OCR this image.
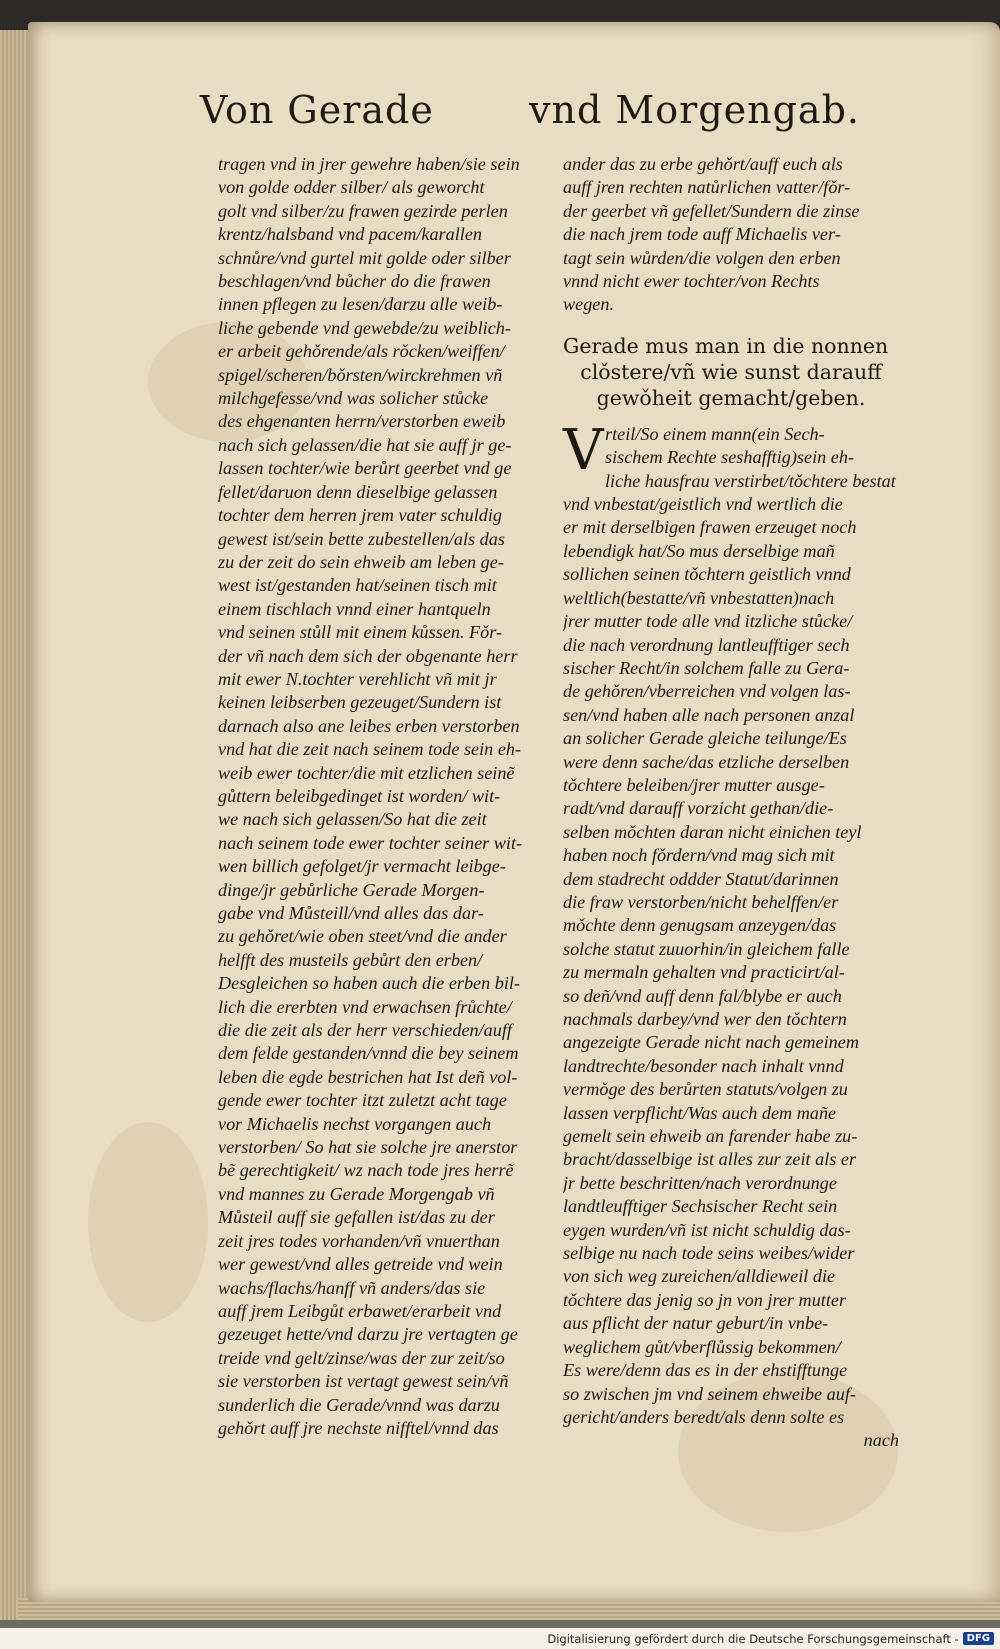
Von Gerade	vnd Morgengab.
tragen vnd in jrer gewehre haben/sie sein
von golde odder silber/ als geworcht
golt vnd silber/zu frawen gezirde perlen
krentz/halsband vnd pacem/karallen
schnůre/vnd gurtel mit golde oder silber
beschlagen/vnd bůcher do die frawen
innen pflegen zu lesen/darzu alle weib-
liche gebende vnd gewebde/zu weiblich-
er arbeit gehǒrende/als rǒcken/weiffen/
spigel/scheren/bǒrsten/wirckrehmen vñ
milchgefesse/vnd was solicher stůcke
des ehgenanten herrn/verstorben eweib
nach sich gelassen/die hat sie auff jr ge-
lassen tochter/wie berůrt geerbet vnd ge
fellet/daruon denn dieselbige gelassen
tochter dem herren jrem vater schuldig
gewest ist/sein bette zubestellen/als das
zu der zeit do sein ehweib am leben ge-
west ist/gestanden hat/seinen tisch mit
einem tischlach vnnd einer hantqueln
vnd seinen stůll mit einem kůssen. Fǒr-
der vñ nach dem sich der obgenante herr
mit ewer N.tochter verehlicht vñ mit jr
keinen leibserben gezeuget/Sundern ist
darnach also ane leibes erben verstorben
vnd hat die zeit nach seinem tode sein eh-
weib ewer tochter/die mit etzlichen seinẽ
gůttern beleibgedinget ist worden/ wit-
we nach sich gelassen/So hat die zeit
nach seinem tode ewer tochter seiner wit-
wen billich gefolget/jr vermacht leibge-
dinge/jr gebůrliche Gerade Morgen-
gabe vnd Můsteill/vnd alles das dar-
zu gehǒret/wie oben steet/vnd die ander
helfft des musteils gebůrt den erben/
Desgleichen so haben auch die erben bil-
lich die ererbten vnd erwachsen frůchte/
die die zeit als der herr verschieden/auff
dem felde gestanden/vnnd die bey seinem
leben die egde bestrichen hat Ist deñ vol-
gende ewer tochter itzt zuletzt acht tage
vor Michaelis nechst vorgangen auch
verstorben/ So hat sie solche jre anerstor
bẽ gerechtigkeit/ wz nach tode jres herrẽ
vnd mannes zu Gerade Morgengab vñ
Můsteil auff sie gefallen ist/das zu der
zeit jres todes vorhanden/vñ vnuerthan
wer gewest/vnd alles getreide vnd wein
wachs/flachs/hanff vñ anders/das sie
auff jrem Leibgůt erbawet/erarbeit vnd
gezeuget hette/vnd darzu jre vertagten ge
treide vnd gelt/zinse/was der zur zeit/so
sie verstorben ist vertagt gewest sein/vñ
sunderlich die Gerade/vnnd was darzu
gehǒrt auff jre nechste nifftel/vnnd das
ander das zu erbe gehǒrt/auff euch als
auff jren rechten natůrlichen vatter/fǒr-
der geerbet vñ gefellet/Sundern die zinse
die nach jrem tode auff Michaelis ver-
tagt sein wůrden/die volgen den erben
vnnd nicht ewer tochter/von Rechts
wegen.
Gerade mus man in die nonnen
clǒstere/vñ wie sunst darauff
gewǒheit gemacht/geben.
V rteil/So einem mann(ein Sech-
sischem Rechte seshafftig)sein eh-
liche hausfrau verstirbet/tǒchtere bestat
vnd vnbestat/geistlich vnd wertlich die
er mit derselbigen frawen erzeuget noch
lebendigk hat/So mus derselbige mañ
sollichen seinen tǒchtern geistlich vnnd
weltlich(bestatte/vñ vnbestatten)nach
jrer mutter tode alle vnd itzliche stůcke/
die nach verordnung lantleufftiger sech
sischer Recht/in solchem falle zu Gera-
de gehǒren/vberreichen vnd volgen las-
sen/vnd haben alle nach personen anzal
an solicher Gerade gleiche teilunge/Es
were denn sache/das etzliche derselben
tǒchtere beleiben/jrer mutter ausge-
radt/vnd darauff vorzicht gethan/die-
selben mǒchten daran nicht einichen teyl
haben noch fǒrdern/vnd mag sich mit
dem stadrecht oddder Statut/darinnen
die fraw verstorben/nicht behelffen/er
mǒchte denn genugsam anzeygen/das
solche statut zuuorhin/in gleichem falle
zu mermaln gehalten vnd practicirt/al-
so deñ/vnd auff denn fal/blybe er auch
nachmals darbey/vnd wer den tǒchtern
angezeigte Gerade nicht nach gemeinem
landtrechte/besonder nach inhalt vnnd
vermǒge des berůrten statuts/volgen zu
lassen verpflicht/Was auch dem mañe
gemelt sein ehweib an farender habe zu-
bracht/dasselbige ist alles zur zeit als er
jr bette beschritten/nach verordnunge
landtleufftiger Sechsischer Recht sein
eygen wurden/vñ ist nicht schuldig das-
selbige nu nach tode seins weibes/wider
von sich weg zureichen/alldieweil die
tǒchtere das jenig so jn von jrer mutter
aus pflicht der natur geburt/in vnbe-
weglichem gůt/vberflůssig bekommen/
Es were/denn das es in der ehstifftunge
so zwischen jm vnd seinem ehweibe auf-
gericht/anders beredt/als denn solte es
nach
Digitalisierung gefördert durch die Deutsche Forschungsgemeinschaft - DFG
